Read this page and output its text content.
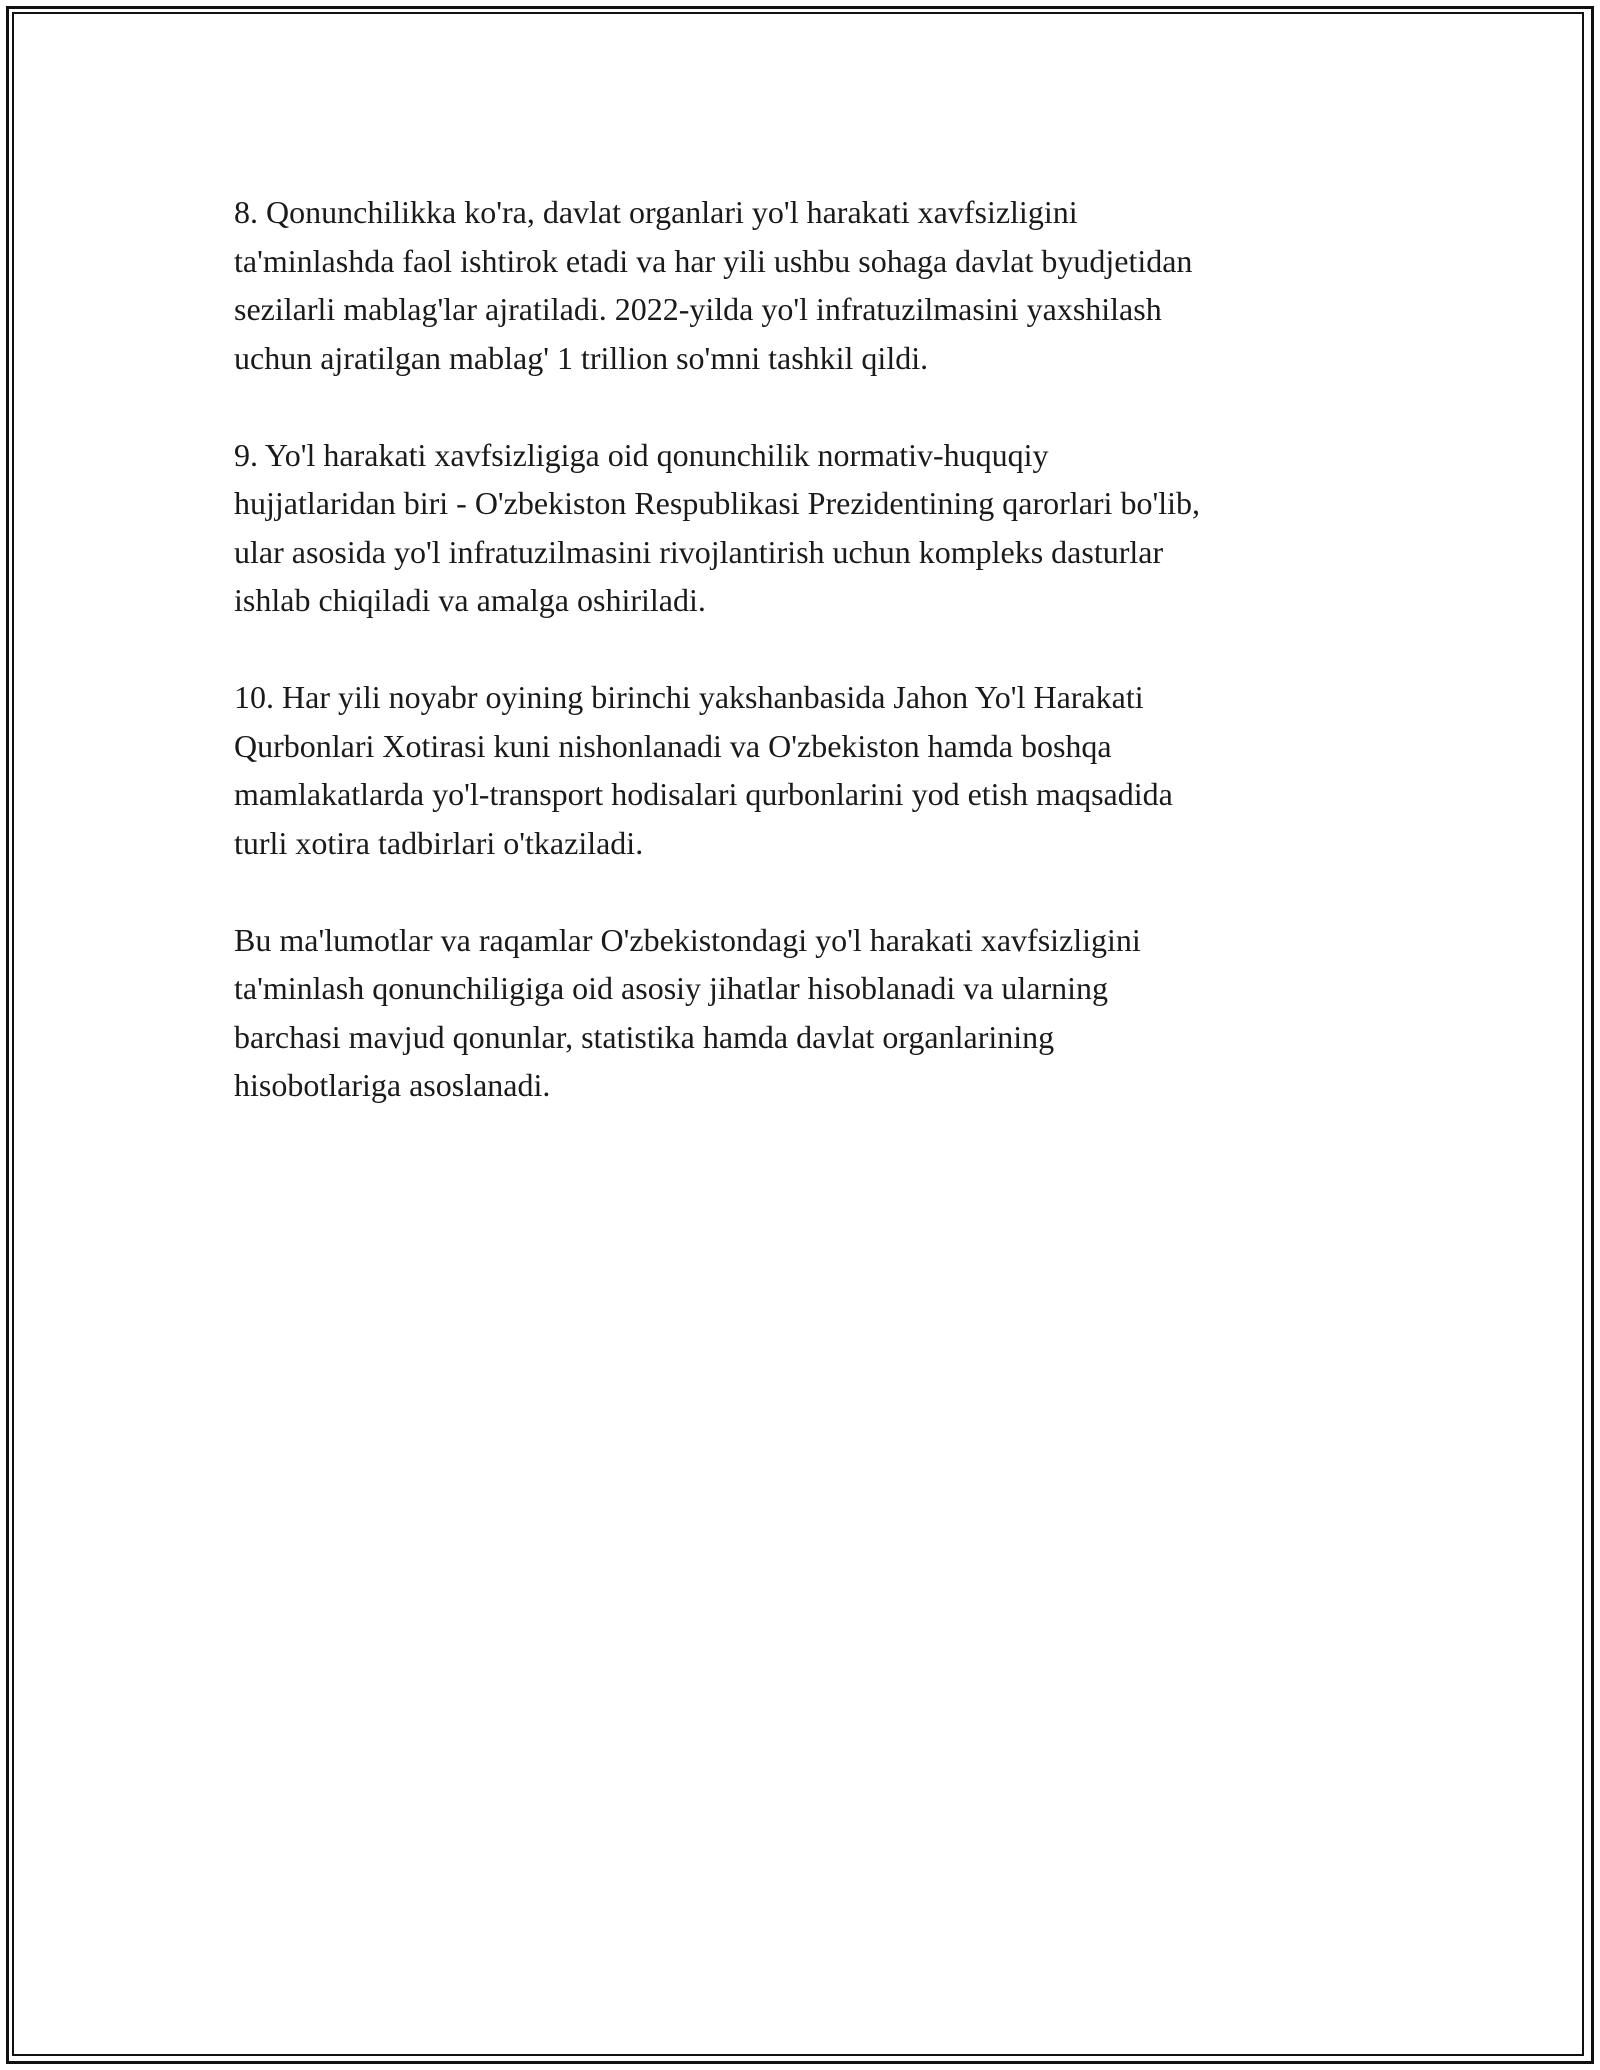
8. Qonunchilikka ko'ra, davlat organlari yo'l harakati xavfsizligini
ta'minlashda faol ishtirok etadi va har yili ushbu sohaga davlat byudjetidan
sezilarli mablag'lar ajratiladi. 2022-yilda yo'l infratuzilmasini yaxshilash
uchun ajratilgan mablag' 1 trillion so'mni tashkil qildi.

9. Yo'l harakati xavfsizligiga oid qonunchilik normativ-huquqiy
hujjatlaridan biri - O'zbekiston Respublikasi Prezidentining qarorlari bo'lib,
ular asosida yo'l infratuzilmasini rivojlantirish uchun kompleks dasturlar
ishlab chiqiladi va amalga oshiriladi.

10. Har yili noyabr oyining birinchi yakshanbasida Jahon Yo'l Harakati
Qurbonlari Xotirasi kuni nishonlanadi va O'zbekiston hamda boshqa
mamlakatlarda yo'l-transport hodisalari qurbonlarini yod etish maqsadida
turli xotira tadbirlari o'tkaziladi.

Bu ma'lumotlar va raqamlar O'zbekistondagi yo'l harakati xavfsizligini
ta'minlash qonunchiligiga oid asosiy jihatlar hisoblanadi va ularning
barchasi mavjud qonunlar, statistika hamda davlat organlarining
hisobotlariga asoslanadi.
